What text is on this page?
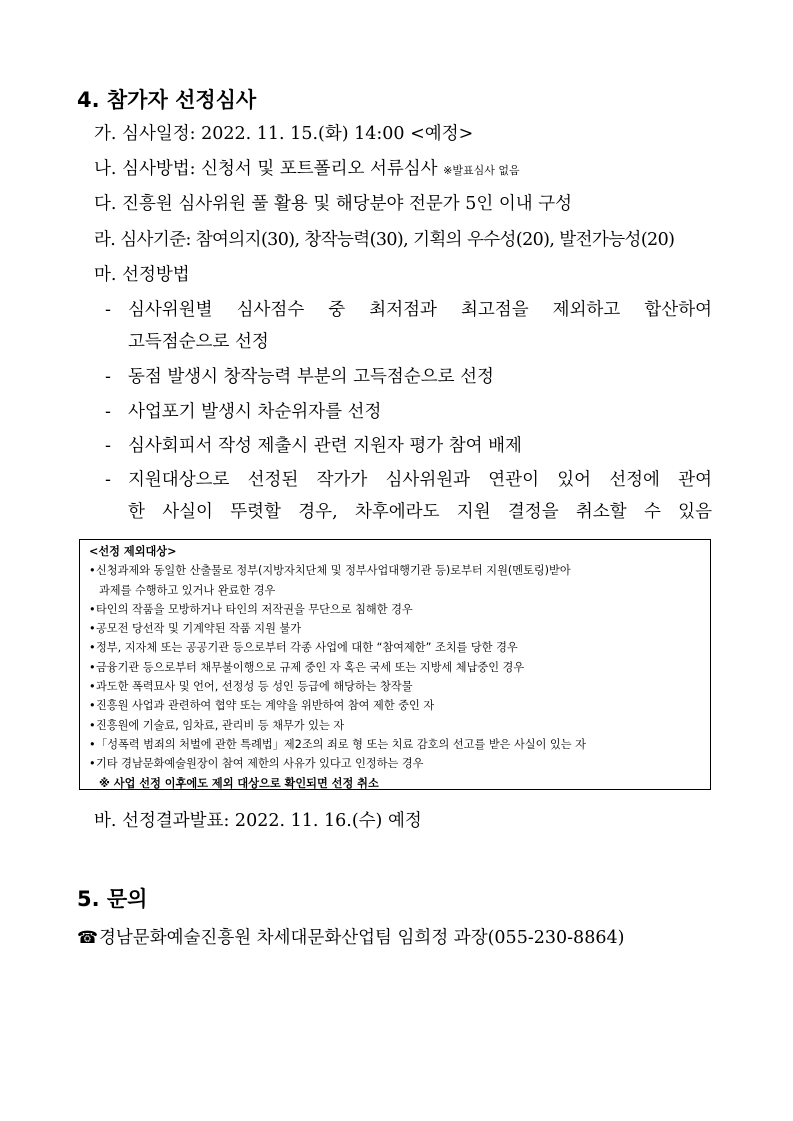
4. 참가자 선정심사
가. 심사일정: 2022. 11. 15.(화) 14:00 <예정>
나. 심사방법: 신청서 및 포트폴리오 서류심사 ※발표심사 없음
다. 진흥원 심사위원 풀 활용 및 해당분야 전문가 5인 이내 구성
라. 심사기준: 참여의지(30), 창작능력(30), 기획의 우수성(20), 발전가능성(20)
마. 선정방법
- 심사위원별 심사점수 중 최저점과 최고점을 제외하고 합산하여
고득점순으로 선정
- 동점 발생시 창작능력 부분의 고득점순으로 선정
- 사업포기 발생시 차순위자를 선정
- 심사회피서 작성 제출시 관련 지원자 평가 참여 배제
- 지원대상으로 선정된 작가가 심사위원과 연관이 있어 선정에 관여
한 사실이 뚜렷할 경우, 차후에라도 지원 결정을 취소할 수 있음
<선정 제외대상>
•신청과제와 동일한 산출물로 정부(지방자치단체 및 정부사업대행기관 등)로부터 지원(멘토링)받아
과제를 수행하고 있거나 완료한 경우
•타인의 작품을 모방하거나 타인의 저작권을 무단으로 침해한 경우
•공모전 당선작 및 기계약된 작품 지원 불가
•정부, 지자체 또는 공공기관 등으로부터 각종 사업에 대한 “참여제한” 조치를 당한 경우
•금융기관 등으로부터 채무불이행으로 규제 중인 자 혹은 국세 또는 지방세 체납중인 경우
•과도한 폭력묘사 및 언어, 선정성 등 성인 등급에 해당하는 창작물
•진흥원 사업과 관련하여 협약 또는 계약을 위반하여 참여 제한 중인 자
•진흥원에 기술료, 임차료, 관리비 등 채무가 있는 자
•「성폭력 범죄의 처벌에 관한 특례법」제2조의 죄로 형 또는 치료 감호의 선고를 받은 사실이 있는 자
•기타 경남문화예술원장이 참여 제한의 사유가 있다고 인정하는 경우
※ 사업 선정 이후에도 제외 대상으로 확인되면 선정 취소
바. 선정결과발표: 2022. 11. 16.(수) 예정
5. 문의
☎경남문화예술진흥원 차세대문화산업팀 임희정 과장(055-230-8864)
